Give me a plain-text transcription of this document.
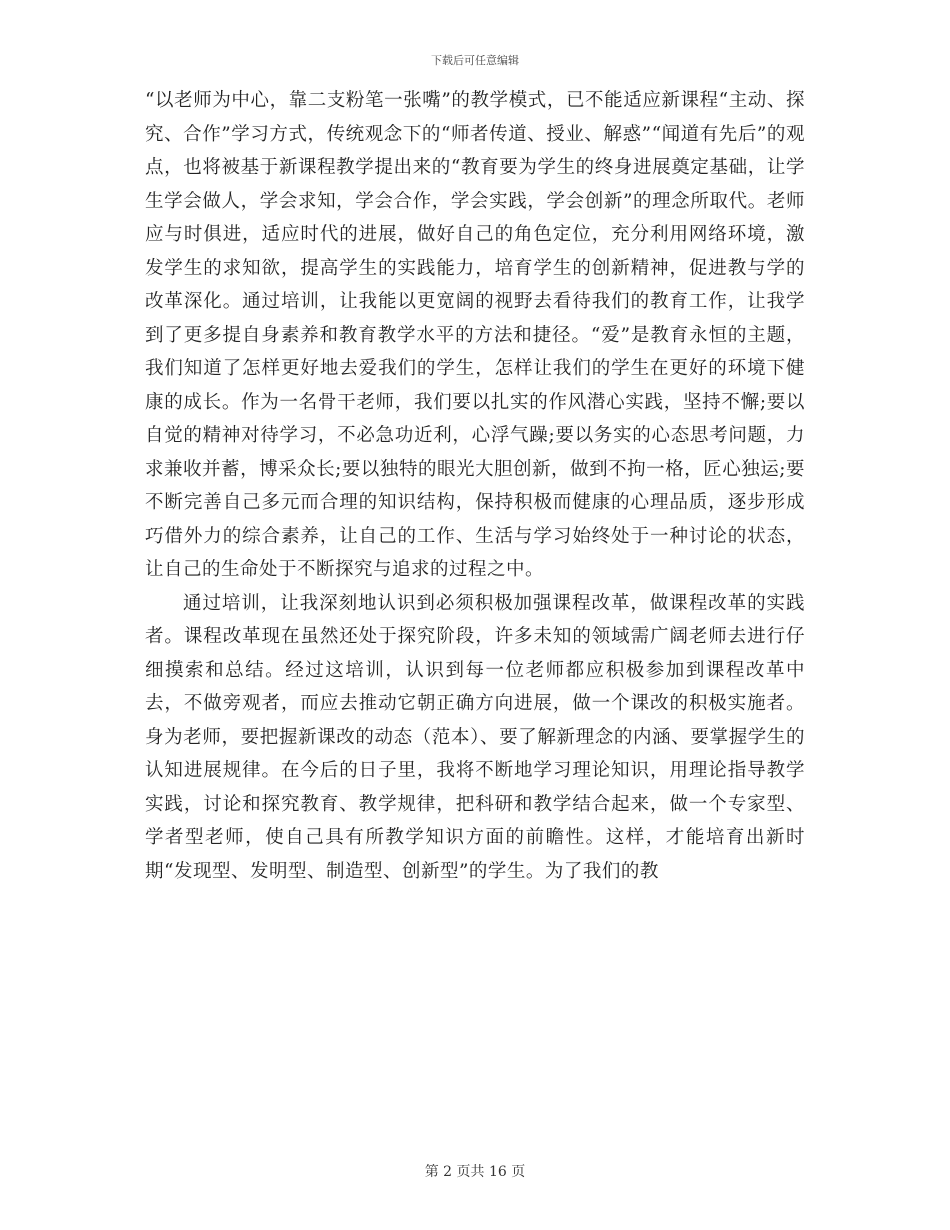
下载后可任意编辑

“以老师为中心，靠二支粉笔一张嘴”的教学模式，已不能适应新课程“主动、探究、合作”学习方式，传统观念下的“师者传道、授业、解惑”“闻道有先后”的观点，也将被基于新课程教学提出来的“教育要为学生的终身进展奠定基础，让学生学会做人，学会求知，学会合作，学会实践，学会创新”的理念所取代。老师应与时俱进，适应时代的进展，做好自己的角色定位，充分利用网络环境，激发学生的求知欲，提高学生的实践能力，培育学生的创新精神，促进教与学的改革深化。通过培训，让我能以更宽阔的视野去看待我们的教育工作，让我学到了更多提自身素养和教育教学水平的方法和捷径。“爱”是教育永恒的主题，我们知道了怎样更好地去爱我们的学生，怎样让我们的学生在更好的环境下健康的成长。作为一名骨干老师，我们要以扎实的作风潜心实践，坚持不懈;要以自觉的精神对待学习，不必急功近利，心浮气躁;要以务实的心态思考问题，力求兼收并蓄，博采众长;要以独特的眼光大胆创新，做到不拘一格，匠心独运;要不断完善自己多元而合理的知识结构，保持积极而健康的心理品质，逐步形成巧借外力的综合素养，让自己的工作、生活与学习始终处于一种讨论的状态，让自己的生命处于不断探究与追求的过程之中。

通过培训，让我深刻地认识到必须积极加强课程改革，做课程改革的实践者。课程改革现在虽然还处于探究阶段，许多未知的领域需广阔老师去进行仔细摸索和总结。经过这培训，认识到每一位老师都应积极参加到课程改革中去，不做旁观者，而应去推动它朝正确方向进展，做一个课改的积极实施者。身为老师，要把握新课改的动态（范本）、要了解新理念的内涵、要掌握学生的认知进展规律。在今后的日子里，我将不断地学习理论知识，用理论指导教学实践，讨论和探究教育、教学规律，把科研和教学结合起来，做一个专家型、学者型老师，使自己具有所教学知识方面的前瞻性。这样，才能培育出新时期“发现型、发明型、制造型、创新型”的学生。为了我们的教

第 2 页共 16 页
